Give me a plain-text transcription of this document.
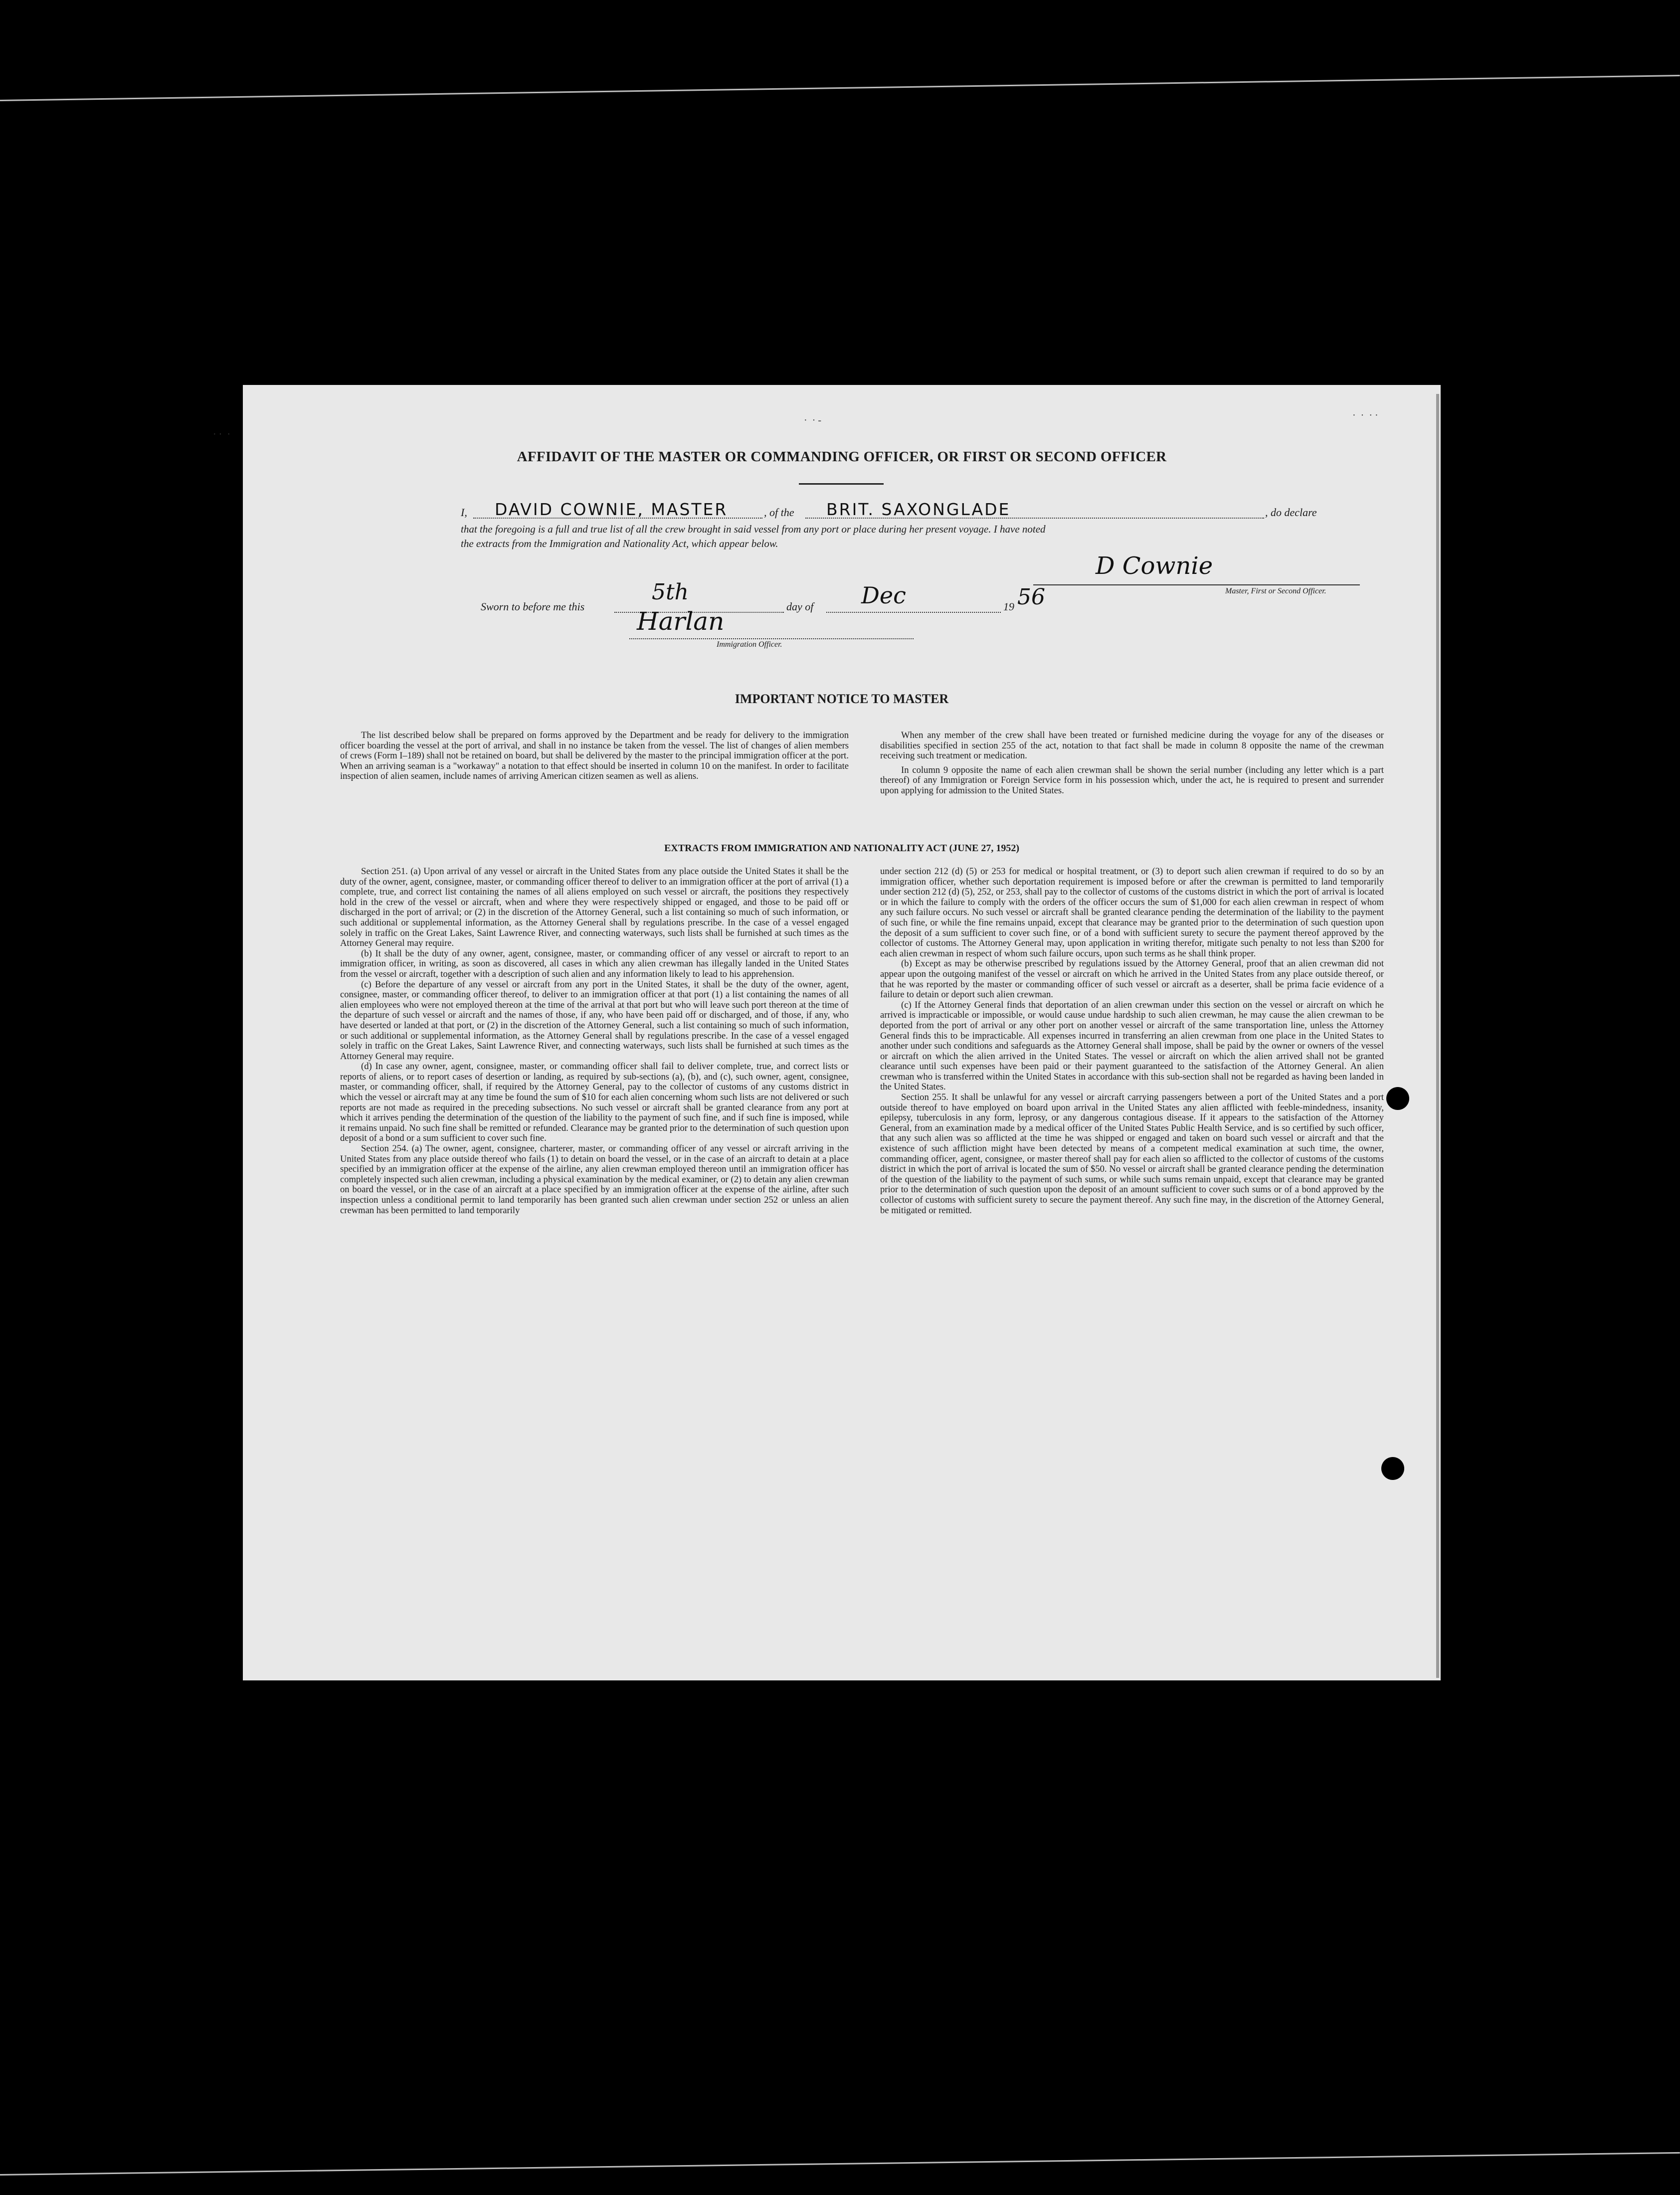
· ·  ·
·  · -	·  ·  · ·
AFFIDAVIT OF THE MASTER OR COMMANDING OFFICER, OR FIRST OR SECOND OFFICER
I, DAVID COWNIE, MASTER	, of the BRIT. SAXONGLADE	, do declare
that the foregoing is a full and true list of all the crew brought in said vessel from any port or place during her present voyage. I have noted
the extracts from the Immigration and Nationality Act, which appear below.
Sworn to before me this
5th
day of Dec	19 56
D Cownie
Master, First or Second Officer.
Harlan
Immigration Officer.
IMPORTANT NOTICE TO MASTER

The list described below shall be prepared on forms approved by the Department and be ready for delivery to the immigration officer boarding the vessel at the port of arrival, and shall in no instance be taken from the vessel. The list of changes of alien members of crews (Form I–189) shall not be retained on board, but shall be delivered by the master to the principal immigration officer at the port. When an arriving seaman is a "workaway" a notation to that effect should be inserted in column 10 on the manifest. In order to facilitate inspection of alien seamen, include names of arriving American citizen seamen as well as aliens.

When any member of the crew shall have been treated or furnished medicine during the voyage for any of the diseases or disabilities specified in section 255 of the act, notation to that fact shall be made in column 8 opposite the name of the crewman receiving such treatment or medication.

In column 9 opposite the name of each alien crewman shall be shown the serial number (including any letter which is a part thereof) of any Immigration or Foreign Service form in his possession which, under the act, he is required to present and surrender upon applying for admission to the United States.

EXTRACTS FROM IMMIGRATION AND NATIONALITY ACT (JUNE 27, 1952)

Section 251. (a) Upon arrival of any vessel or aircraft in the United States from any place outside the United States it shall be the duty of the owner, agent, consignee, master, or commanding officer thereof to deliver to an immigration officer at the port of arrival (1) a complete, true, and correct list containing the names of all aliens employed on such vessel or aircraft, the positions they respectively hold in the crew of the vessel or aircraft, when and where they were respectively shipped or engaged, and those to be paid off or discharged in the port of arrival; or (2) in the discretion of the Attorney General, such a list containing so much of such information, or such additional or supplemental information, as the Attorney General shall by regulations prescribe. In the case of a vessel engaged solely in traffic on the Great Lakes, Saint Lawrence River, and connecting waterways, such lists shall be furnished at such times as the Attorney General may require.

(b) It shall be the duty of any owner, agent, consignee, master, or commanding officer of any vessel or aircraft to report to an immigration officer, in writing, as soon as discovered, all cases in which any alien crewman has illegally landed in the United States from the vessel or aircraft, together with a description of such alien and any information likely to lead to his apprehension.

(c) Before the departure of any vessel or aircraft from any port in the United States, it shall be the duty of the owner, agent, consignee, master, or commanding officer thereof, to deliver to an immigration officer at that port (1) a list containing the names of all alien employees who were not employed thereon at the time of the arrival at that port but who will leave such port thereon at the time of the departure of such vessel or aircraft and the names of those, if any, who have been paid off or discharged, and of those, if any, who have deserted or landed at that port, or (2) in the discretion of the Attorney General, such a list containing so much of such information, or such additional or supplemental information, as the Attorney General shall by regulations prescribe. In the case of a vessel engaged solely in traffic on the Great Lakes, Saint Lawrence River, and connecting waterways, such lists shall be furnished at such times as the Attorney General may require.

(d) In case any owner, agent, consignee, master, or commanding officer shall fail to deliver complete, true, and correct lists or reports of aliens, or to report cases of desertion or landing, as required by sub-sections (a), (b), and (c), such owner, agent, consignee, master, or commanding officer, shall, if required by the Attorney General, pay to the collector of customs of any customs district in which the vessel or aircraft may at any time be found the sum of $10 for each alien concerning whom such lists are not delivered or such reports are not made as required in the preceding subsections. No such vessel or aircraft shall be granted clearance from any port at which it arrives pending the determination of the question of the liability to the payment of such fine, and if such fine is imposed, while it remains unpaid. No such fine shall be remitted or refunded. Clearance may be granted prior to the determination of such question upon deposit of a bond or a sum sufficient to cover such fine.

Section 254. (a) The owner, agent, consignee, charterer, master, or commanding officer of any vessel or aircraft arriving in the United States from any place outside thereof who fails (1) to detain on board the vessel, or in the case of an aircraft to detain at a place specified by an immigration officer at the expense of the airline, any alien crewman employed thereon until an immigration officer has completely inspected such alien crewman, including a physical examination by the medical examiner, or (2) to detain any alien crewman on board the vessel, or in the case of an aircraft at a place specified by an immigration officer at the expense of the airline, after such inspection unless a conditional permit to land temporarily has been granted such alien crewman under section 252 or unless an alien crewman has been permitted to land temporarily

under section 212 (d) (5) or 253 for medical or hospital treatment, or (3) to deport such alien crewman if required to do so by an immigration officer, whether such deportation requirement is imposed before or after the crewman is permitted to land temporarily under section 212 (d) (5), 252, or 253, shall pay to the collector of customs of the customs district in which the port of arrival is located or in which the failure to comply with the orders of the officer occurs the sum of $1,000 for each alien crewman in respect of whom any such failure occurs. No such vessel or aircraft shall be granted clearance pending the determination of the liability to the payment of such fine, or while the fine remains unpaid, except that clearance may be granted prior to the determination of such question upon the deposit of a sum sufficient to cover such fine, or of a bond with sufficient surety to secure the payment thereof approved by the collector of customs. The Attorney General may, upon application in writing therefor, mitigate such penalty to not less than $200 for each alien crewman in respect of whom such failure occurs, upon such terms as he shall think proper.

(b) Except as may be otherwise prescribed by regulations issued by the Attorney General, proof that an alien crewman did not appear upon the outgoing manifest of the vessel or aircraft on which he arrived in the United States from any place outside thereof, or that he was reported by the master or commanding officer of such vessel or aircraft as a deserter, shall be prima facie evidence of a failure to detain or deport such alien crewman.

(c) If the Attorney General finds that deportation of an alien crewman under this section on the vessel or aircraft on which he arrived is impracticable or impossible, or would cause undue hardship to such alien crewman, he may cause the alien crewman to be deported from the port of arrival or any other port on another vessel or aircraft of the same transportation line, unless the Attorney General finds this to be impracticable. All expenses incurred in transferring an alien crewman from one place in the United States to another under such conditions and safeguards as the Attorney General shall impose, shall be paid by the owner or owners of the vessel or aircraft on which the alien arrived in the United States. The vessel or aircraft on which the alien arrived shall not be granted clearance until such expenses have been paid or their payment guaranteed to the satisfaction of the Attorney General. An alien crewman who is transferred within the United States in accordance with this sub-section shall not be regarded as having been landed in the United States.

Section 255. It shall be unlawful for any vessel or aircraft carrying passengers between a port of the United States and a port outside thereof to have employed on board upon arrival in the United States any alien afflicted with feeble-mindedness, insanity, epilepsy, tuberculosis in any form, leprosy, or any dangerous contagious disease. If it appears to the satisfaction of the Attorney General, from an examination made by a medical officer of the United States Public Health Service, and is so certified by such officer, that any such alien was so afflicted at the time he was shipped or engaged and taken on board such vessel or aircraft and that the existence of such affliction might have been detected by means of a competent medical examination at such time, the owner, commanding officer, agent, consignee, or master thereof shall pay for each alien so afflicted to the collector of customs of the customs district in which the port of arrival is located the sum of $50. No vessel or aircraft shall be granted clearance pending the determination of the question of the liability to the payment of such sums, or while such sums remain unpaid, except that clearance may be granted prior to the determination of such question upon the deposit of an amount sufficient to cover such sums or of a bond approved by the collector of customs with sufficient surety to secure the payment thereof. Any such fine may, in the discretion of the Attorney General, be mitigated or remitted.
